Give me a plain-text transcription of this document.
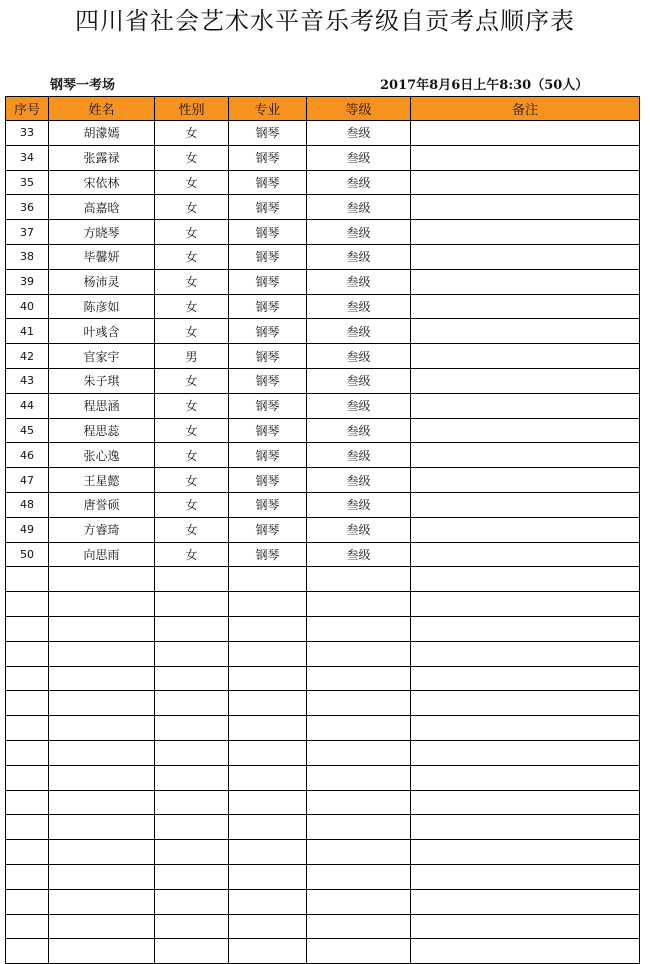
四川省社会艺术水平音乐考级自贡考点顺序表
钢琴一考场	2017年8月6日上午8:30（50人）
序号	姓名	性别	专业	等级	备注
33	胡濛嫣	女	钢琴	叁级	
34	张露禄	女	钢琴	叁级	
35	宋依林	女	钢琴	叁级	
36	高嘉晗	女	钢琴	叁级	
37	方晓琴	女	钢琴	叁级	
38	毕馨妍	女	钢琴	叁级	
39	杨沛灵	女	钢琴	叁级	
40	陈彦如	女	钢琴	叁级	
41	叶彧含	女	钢琴	叁级	
42	官家宇	男	钢琴	叁级	
43	朱子琪	女	钢琴	叁级	
44	程思涵	女	钢琴	叁级	
45	程思蕊	女	钢琴	叁级	
46	张心逸	女	钢琴	叁级	
47	王星懿	女	钢琴	叁级	
48	唐誉硕	女	钢琴	叁级	
49	方睿琦	女	钢琴	叁级	
50	向思雨	女	钢琴	叁级	
